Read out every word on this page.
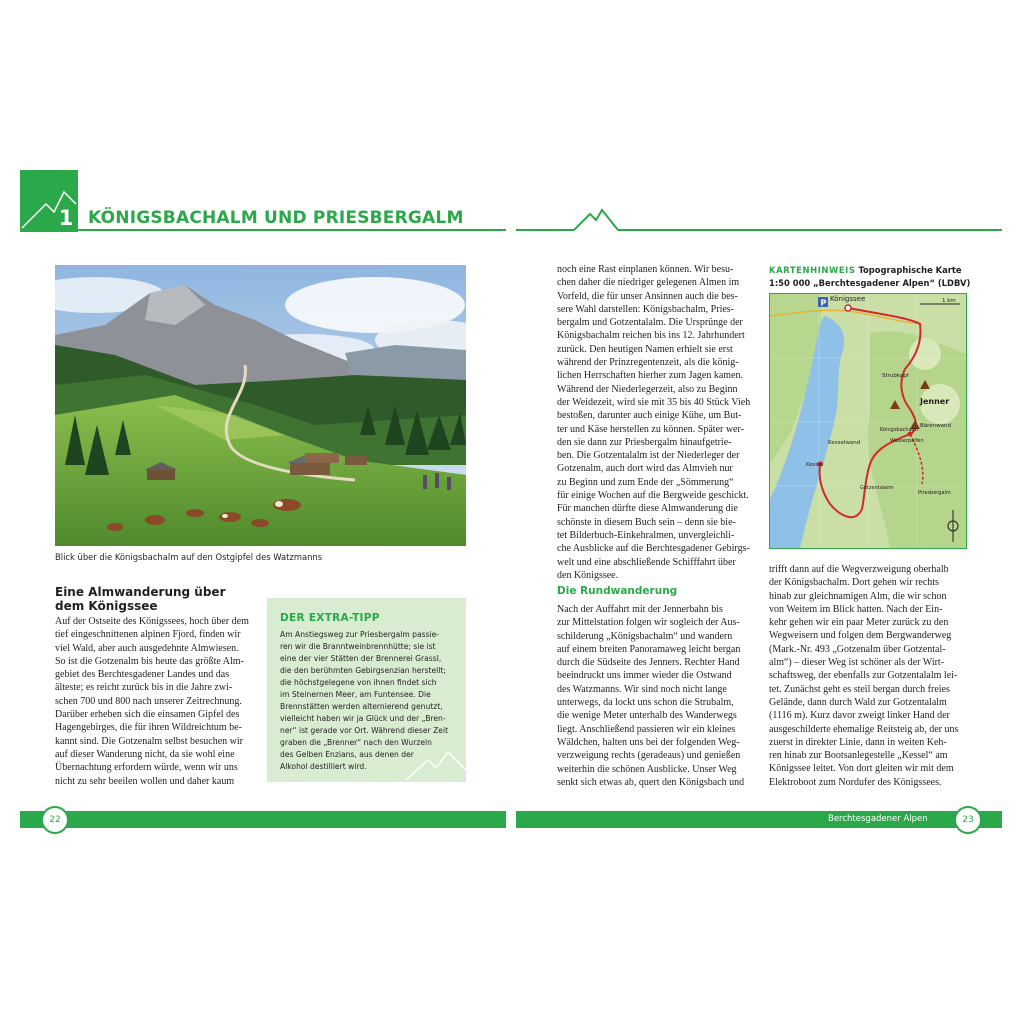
1 KÖNIGSBACHALM UND PRIESBERGALM
Blick über die Königsbachalm auf den Ostgipfel des Watzmanns
Eine Almwanderung über
dem Königssee

Auf der Ostseite des Königssees, hoch über dem

tief eingeschnittenen alpinen Fjord, finden wir

viel Wald, aber auch ausgedehnte Almwiesen.

So ist die Gotzenalm bis heute das größte Alm-

gebiet des Berchtesgadener Landes und das

älteste; es reicht zurück bis in die Jahre zwi-

schen 700 und 800 nach unserer Zeitrechnung.

Darüber erheben sich die einsamen Gipfel des

Hagengebirges, die für ihren Wildreichtum be-

kannt sind. Die Gotzenalm selbst besuchen wir

auf dieser Wanderung nicht, da sie wohl eine

Übernachtung erfordern würde, wenn wir uns

nicht zu sehr beeilen wollen und daher kaum

DER EXTRA-TIPP

Am Anstiegsweg zur Priesbergalm passie-

ren wir die Branntweinbrennhütte; sie ist

eine der vier Stätten der Brennerei Grassl,

die den berühmten Gebirgsenzian herstellt;

die höchstgelegene von ihnen findet sich

im Steinernen Meer, am Funtensee. Die

Brennstätten werden alternierend genutzt,

vielleicht haben wir ja Glück und der „Bren-

ner“ ist gerade vor Ort. Während dieser Zeit

graben die „Brenner“ nach den Wurzeln

des Gelben Enzians, aus denen der

Alkohol destilliert wird.

noch eine Rast einplanen können. Wir besu-

chen daher die niedriger gelegenen Almen im

Vorfeld, die für unser Ansinnen auch die bes-

sere Wahl darstellen: Königsbachalm, Pries-

bergalm und Gotzentalalm. Die Ursprünge der

Königsbachalm reichen bis ins 12. Jahrhundert

zurück. Den heutigen Namen erhielt sie erst

während der Prinzregentenzeit, als die könig-

lichen Herrschaften hierher zum Jagen kamen.

Während der Niederlegerzeit, also zu Beginn

der Weidezeit, wird sie mit 35 bis 40 Stück Vieh

bestoßen, darunter auch einige Kühe, um But-

ter und Käse herstellen zu können. Später wer-

den sie dann zur Priesbergalm hinaufgetrie-

ben. Die Gotzentalalm ist der Niederleger der

Gotzenalm, auch dort wird das Almvieh nur

zu Beginn und zum Ende der „Sömmerung“

für einige Wochen auf die Bergweide geschickt.

Für manchen dürfte diese Almwanderung die

schönste in diesem Buch sein – denn sie bie-

tet Bilderbuch-Einkehralmen, unvergleichli-

che Ausblicke auf die Berchtesgadener Gebirgs-

welt und eine abschließende Schifffahrt über

den Königssee.

Die Rundwanderung

Nach der Auffahrt mit der Jennerbahn bis

zur Mittelstation folgen wir sogleich der Aus-

schilderung „Königsbachalm“ und wandern

auf einem breiten Panoramaweg leicht bergan

durch die Südseite des Jenners. Rechter Hand

beeindruckt uns immer wieder die Ostwand

des Watzmanns. Wir sind noch nicht lange

unterwegs, da lockt uns schon die Strubalm,

die wenige Meter unterhalb des Wanderwegs

liegt. Anschließend passieren wir ein kleines

Wäldchen, halten uns bei der folgenden Weg-

verzweigung rechts (geradeaus) und genießen

weiterhin die schönen Ausblicke. Unser Weg

senkt sich etwas ab, quert den Königsbach und

KARTENHINWEIS Topographische Karte
1:50 000 „Berchtesgadener Alpen“ (LDBV)
P	1 km
Königssee
Jenner
Strubkopf
Bärenwand
Königsbachalm
Wasserpalfen
Kessel
Kesselwand
Gotzentalalm
Priesbergalm

trifft dann auf die Wegverzweigung oberhalb

der Königsbachalm. Dort gehen wir rechts

hinab zur gleichnamigen Alm, die wir schon

von Weitem im Blick hatten. Nach der Ein-

kehr gehen wir ein paar Meter zurück zu den

Wegweisern und folgen dem Bergwanderweg

(Mark.-Nr. 493 „Gotzenalm über Gotzental-

alm“) – dieser Weg ist schöner als der Wirt-

schaftsweg, der ebenfalls zur Gotzentalalm lei-

tet. Zunächst geht es steil bergan durch freies

Gelände, dann durch Wald zur Gotzentalalm

(1116 m). Kurz davor zweigt linker Hand der

ausgeschilderte ehemalige Reitsteig ab, der uns

zuerst in direkter Linie, dann in weiten Keh-

ren hinab zur Bootsanlegestelle „Kessel“ am

Königssee leitet. Von dort gleiten wir mit dem

Elektroboot zum Nordufer des Königssees.

22	Berchtesgadener Alpen	23
